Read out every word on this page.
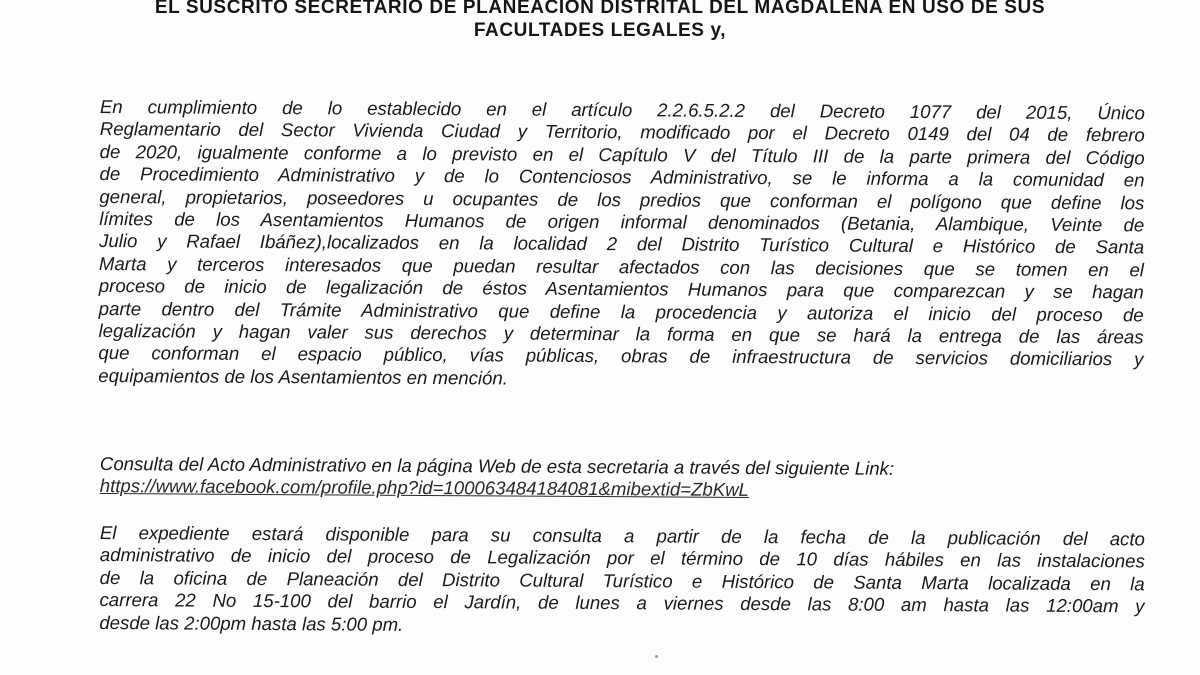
EL SUSCRITO SECRETARIO DE PLANEACION DISTRITAL DEL MAGDALENA EN USO DE SUS
FACULTADES LEGALES y,
En cumplimiento de lo establecido en el artículo 2.2.6.5.2.2 del Decreto 1077 del 2015, Único
Reglamentario del Sector Vivienda Ciudad y Territorio, modificado por el Decreto 0149 del 04 de febrero
de 2020, igualmente conforme a lo previsto en el Capítulo V del Título III de la parte primera del Código
de Procedimiento Administrativo y de lo Contenciosos Administrativo, se le informa a la comunidad en
general, propietarios, poseedores u ocupantes de los predios que conforman el polígono que define los
límites de los Asentamientos Humanos de origen informal denominados (Betania, Alambique, Veinte de
Julio y Rafael Ibáñez),localizados en la localidad 2 del Distrito Turístico Cultural e Histórico de Santa
Marta y terceros interesados que puedan resultar afectados con las decisiones que se tomen en el
proceso de inicio de legalización de éstos Asentamientos Humanos para que comparezcan y se hagan
parte dentro del Trámite Administrativo que define la procedencia y autoriza el inicio del proceso de
legalización y hagan valer sus derechos y determinar la forma en que se hará la entrega de las áreas
que conforman el espacio público, vías públicas, obras de infraestructura de servicios domiciliarios y
equipamientos de los Asentamientos en mención.
Consulta del Acto Administrativo en la página Web de esta secretaria a través del siguiente Link:
https://www.facebook.com/profile.php?id=100063484184081&mibextid=ZbKwL
El expediente estará disponible para su consulta a partir de la fecha de la publicación del acto
administrativo de inicio del proceso de Legalización por el término de 10 días hábiles en las instalaciones
de la oficina de Planeación del Distrito Cultural Turístico e Histórico de Santa Marta localizada en la
carrera 22 No 15-100 del barrio el Jardín, de lunes a viernes desde las 8:00 am hasta las 12:00am y
desde las 2:00pm hasta las 5:00 pm.
